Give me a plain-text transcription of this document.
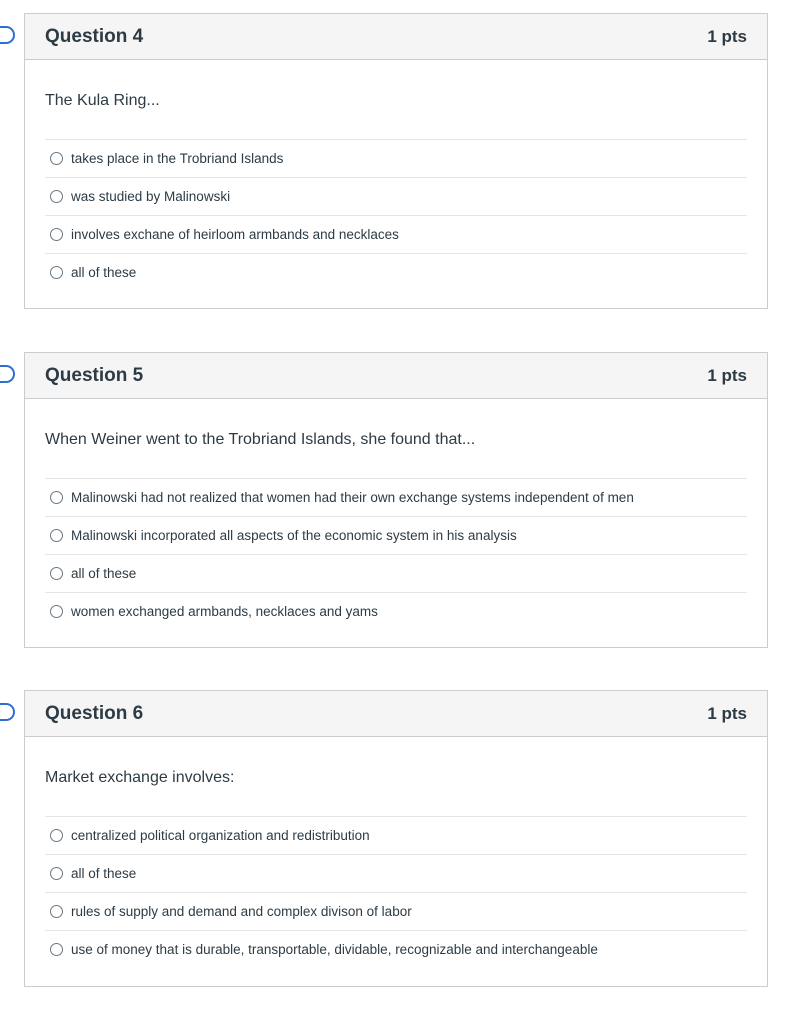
Question 4	1 pts
The Kula Ring...
takes place in the Trobriand Islands
was studied by Malinowski
involves exchane of heirloom armbands and necklaces
all of these
Question 5	1 pts
When Weiner went to the Trobriand Islands, she found that...
Malinowski had not realized that women had their own exchange systems independent of men
Malinowski incorporated all aspects of the economic system in his analysis
all of these
women exchanged armbands, necklaces and yams
Question 6	1 pts
Market exchange involves:
centralized political organization and redistribution
all of these
rules of supply and demand and complex divison of labor
use of money that is durable, transportable, dividable, recognizable and interchangeable
